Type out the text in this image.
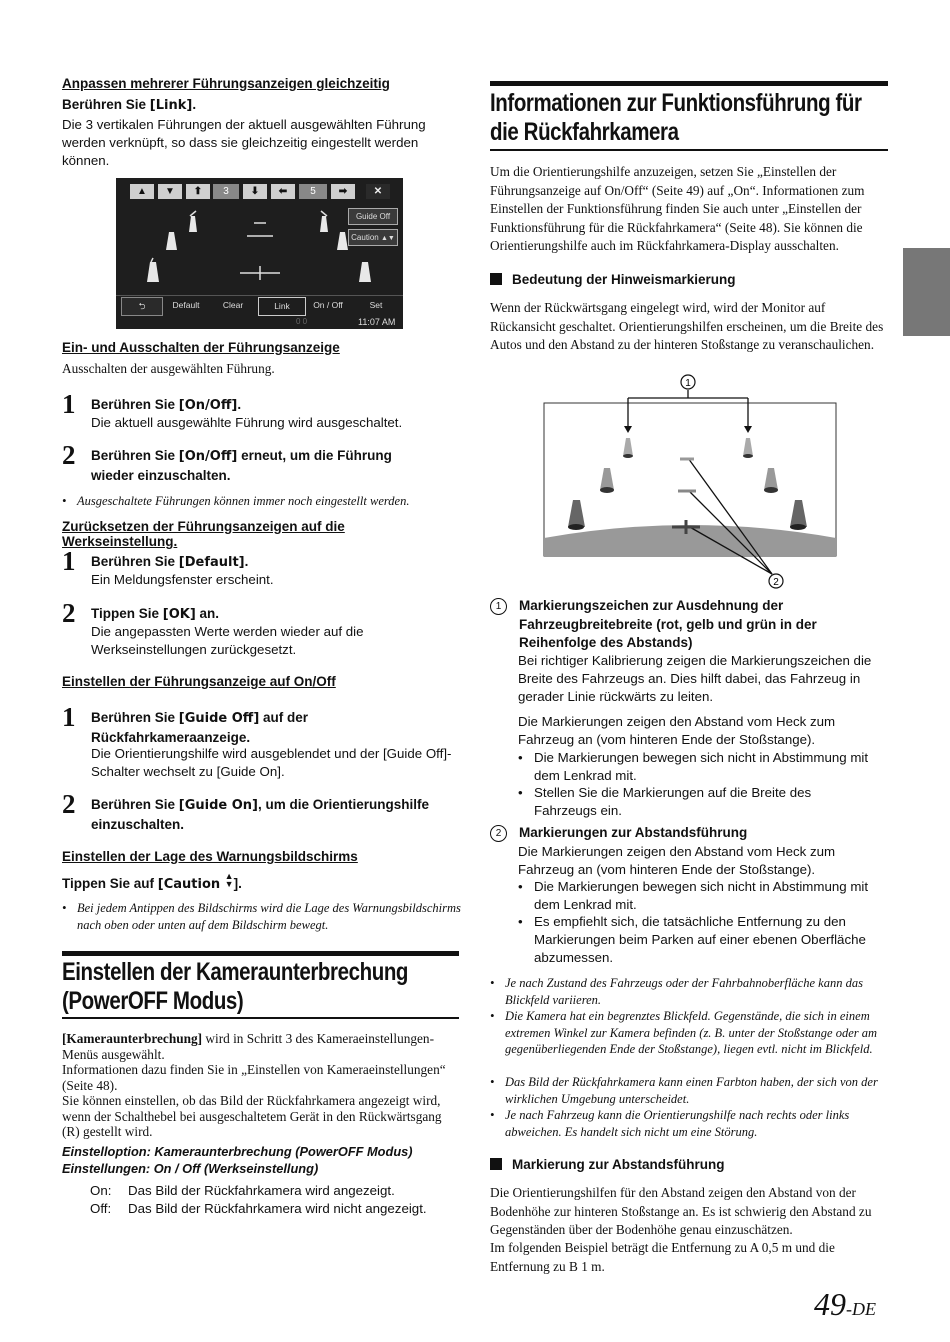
Anpassen mehrerer Führungsanzeigen gleichzeitig
Berühren Sie [Link].
Die 3 vertikalen Führungen der aktuell ausgewählten Führung werden verknüpft, so dass sie gleichzeitig eingestellt werden können.
▲	▼	⬆	3	⬇	⬅	5	➡	✕
Guide Off
Caution ▲▼
⮌	Default	Clear	Link	On / Off	Set
0 0	11:07 AM
Ein- und Ausschalten der Führungsanzeige
Ausschalten der ausgewählten Führung.
1 Berühren Sie [On/Off].
Die aktuell ausgewählte Führung wird ausgeschaltet.
2 Berühren Sie [On/Off] erneut, um die Führung wieder einzuschalten.
• Ausgeschaltete Führungen können immer noch eingestellt werden.
Zurücksetzen der Führungsanzeigen auf die Werkseinstellung.
1 Berühren Sie [Default].
Ein Meldungsfenster erscheint.
2 Tippen Sie [OK] an.
Die angepassten Werte werden wieder auf die Werkseinstellungen zurückgesetzt.
Einstellen der Führungsanzeige auf On/Off
1 Berühren Sie [Guide Off] auf der Rückfahrkameraanzeige.
Die Orientierungshilfe wird ausgeblendet und der [Guide Off]-Schalter wechselt zu [Guide On].
2 Berühren Sie [Guide On], um die Orientierungshilfe einzuschalten.
Einstellen der Lage des Warnungsbildschirms
Tippen Sie auf [Caution ▲
▼].
• Bei jedem Antippen des Bildschirms wird die Lage des Warnungsbildschirms nach oben oder unten auf dem Bildschirm bewegt.
Einstellen der Kameraunterbrechung
(PowerOFF Modus)
[Kameraunterbrechung] wird in Schritt 3 des Kameraeinstellungen-Menüs ausgewählt.
Informationen dazu finden Sie in „Einstellen von Kameraeinstellungen“ (Seite 48).
Sie können einstellen, ob das Bild der Rückfahrkamera angezeigt wird, wenn der Schalthebel bei ausgeschaltetem Gerät in den Rückwärtsgang (R) gestellt wird.
Einstelloption: Kameraunterbrechung (PowerOFF Modus)
Einstellungen: On / Off (Werkseinstellung)
On: Das Bild der Rückfahrkamera wird angezeigt.
Off: Das Bild der Rückfahrkamera wird nicht angezeigt.
Informationen zur Funktionsführung für
die Rückfahrkamera
Um die Orientierungshilfe anzuzeigen, setzen Sie „Einstellen der Führungsanzeige auf On/Off“ (Seite 49) auf „On“. Informationen zum Einstellen der Funktionsführung finden Sie auch unter „Einstellen der Funktionsführung für die Rückfahrkamera“ (Seite 48). Sie können die Orientierungshilfe auch im Rückfahrkamera-Display ausschalten.
Bedeutung der Hinweismarkierung
Wenn der Rückwärtsgang eingelegt wird, wird der Monitor auf Rückansicht geschaltet. Orientierungshilfen erscheinen, um die Breite des Autos und den Abstand zu der hinteren Stoßstange zu veranschaulichen.
1
2
1	Markierungszeichen zur Ausdehnung der Fahrzeugbreitebreite (rot, gelb und grün in der Reihenfolge des Abstands)
Bei richtiger Kalibrierung zeigen die Markierungszeichen die Breite des Fahrzeugs an. Dies hilft dabei, das Fahrzeug in gerader Linie rückwärts zu leiten.
Die Markierungen zeigen den Abstand vom Heck zum Fahrzeug an (vom hinteren Ende der Stoßstange).
• Die Markierungen bewegen sich nicht in Abstimmung mit dem Lenkrad mit.
• Stellen Sie die Markierungen auf die Breite des Fahrzeugs ein.
2	Markierungen zur Abstandsführung
Die Markierungen zeigen den Abstand vom Heck zum Fahrzeug an (vom hinteren Ende der Stoßstange).
• Die Markierungen bewegen sich nicht in Abstimmung mit dem Lenkrad mit.
• Es empfiehlt sich, die tatsächliche Entfernung zu den Markierungen beim Parken auf einer ebenen Oberfläche abzumessen.
• Je nach Zustand des Fahrzeugs oder der Fahrbahnoberfläche kann das Blickfeld variieren.
• Die Kamera hat ein begrenztes Blickfeld. Gegenstände, die sich in einem extremen Winkel zur Kamera befinden (z. B. unter der Stoßstange oder am gegenüberliegenden Ende der Stoßstange), liegen evtl. nicht im Blickfeld.
• Das Bild der Rückfahrkamera kann einen Farbton haben, der sich von der wirklichen Umgebung unterscheidet.
• Je nach Fahrzeug kann die Orientierungshilfe nach rechts oder links abweichen. Es handelt sich nicht um eine Störung.
Markierung zur Abstandsführung
Die Orientierungshilfen für den Abstand zeigen den Abstand von der Bodenhöhe zur hinteren Stoßstange an. Es ist schwierig den Abstand zu Gegenständen über der Bodenhöhe genau einzuschätzen.
Im folgenden Beispiel beträgt die Entfernung zu A 0,5 m und die Entfernung zu B 1 m.
49-DE
